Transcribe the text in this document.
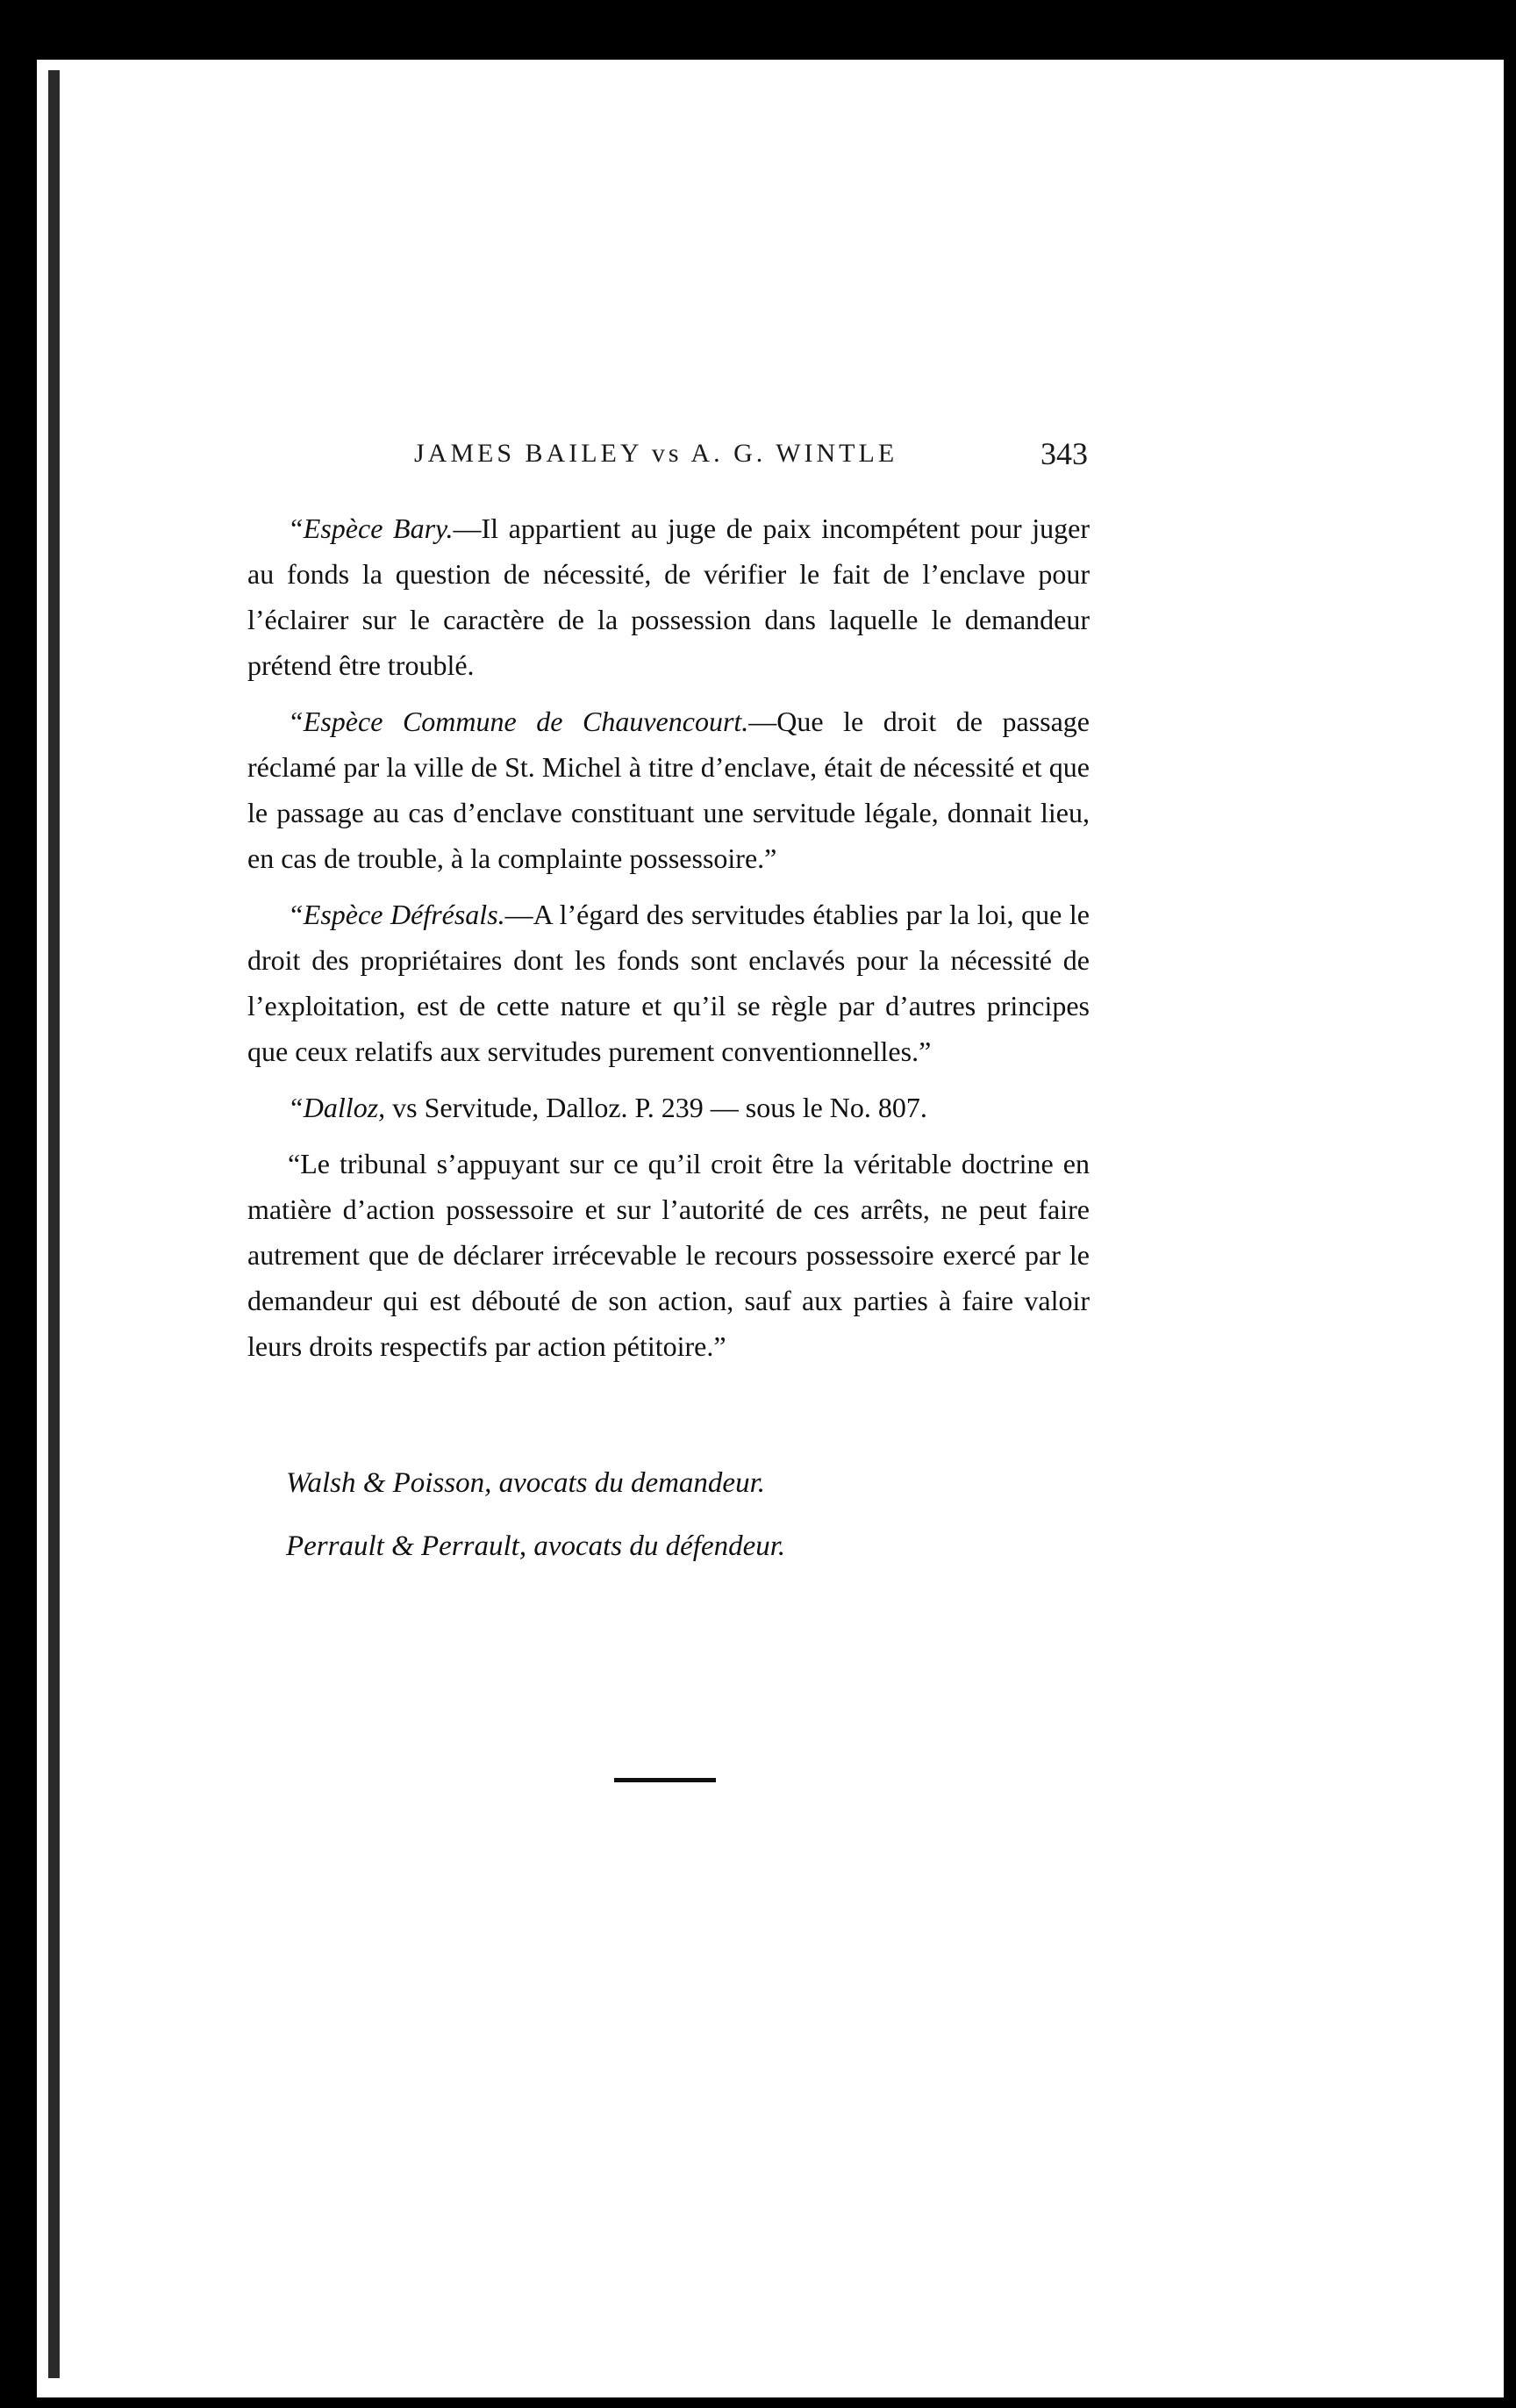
JAMES BAILEY vs A. G. WINTLE	343

“Espèce Bary.—Il appartient au juge de paix incompétent pour juger au fonds la question de nécessité, de vérifier le fait de l’enclave pour l’éclairer sur le caractère de la possession dans laquelle le demandeur prétend être troublé.

“Espèce Commune de Chauvencourt.—Que le droit de passage réclamé par la ville de St. Michel à titre d’enclave, était de nécessité et que le passage au cas d’enclave constituant une servitude légale, donnait lieu, en cas de trouble, à la complainte possessoire.”

“Espèce Défrésals.—A l’égard des servitudes établies par la loi, que le droit des propriétaires dont les fonds sont enclavés pour la nécessité de l’exploitation, est de cette nature et qu’il se règle par d’autres principes que ceux relatifs aux servitudes purement conventionnelles.”

“Dalloz, vs Servitude, Dalloz. P. 239 — sous le No. 807.

“Le tribunal s’appuyant sur ce qu’il croit être la véritable doctrine en matière d’action possessoire et sur l’autorité de ces arrêts, ne peut faire autrement que de déclarer irrécevable le recours possessoire exercé par le demandeur qui est débouté de son action, sauf aux parties à faire valoir leurs droits respectifs par action pétitoire.”

Walsh & Poisson, avocats du demandeur.
Perrault & Perrault, avocats du défendeur.
